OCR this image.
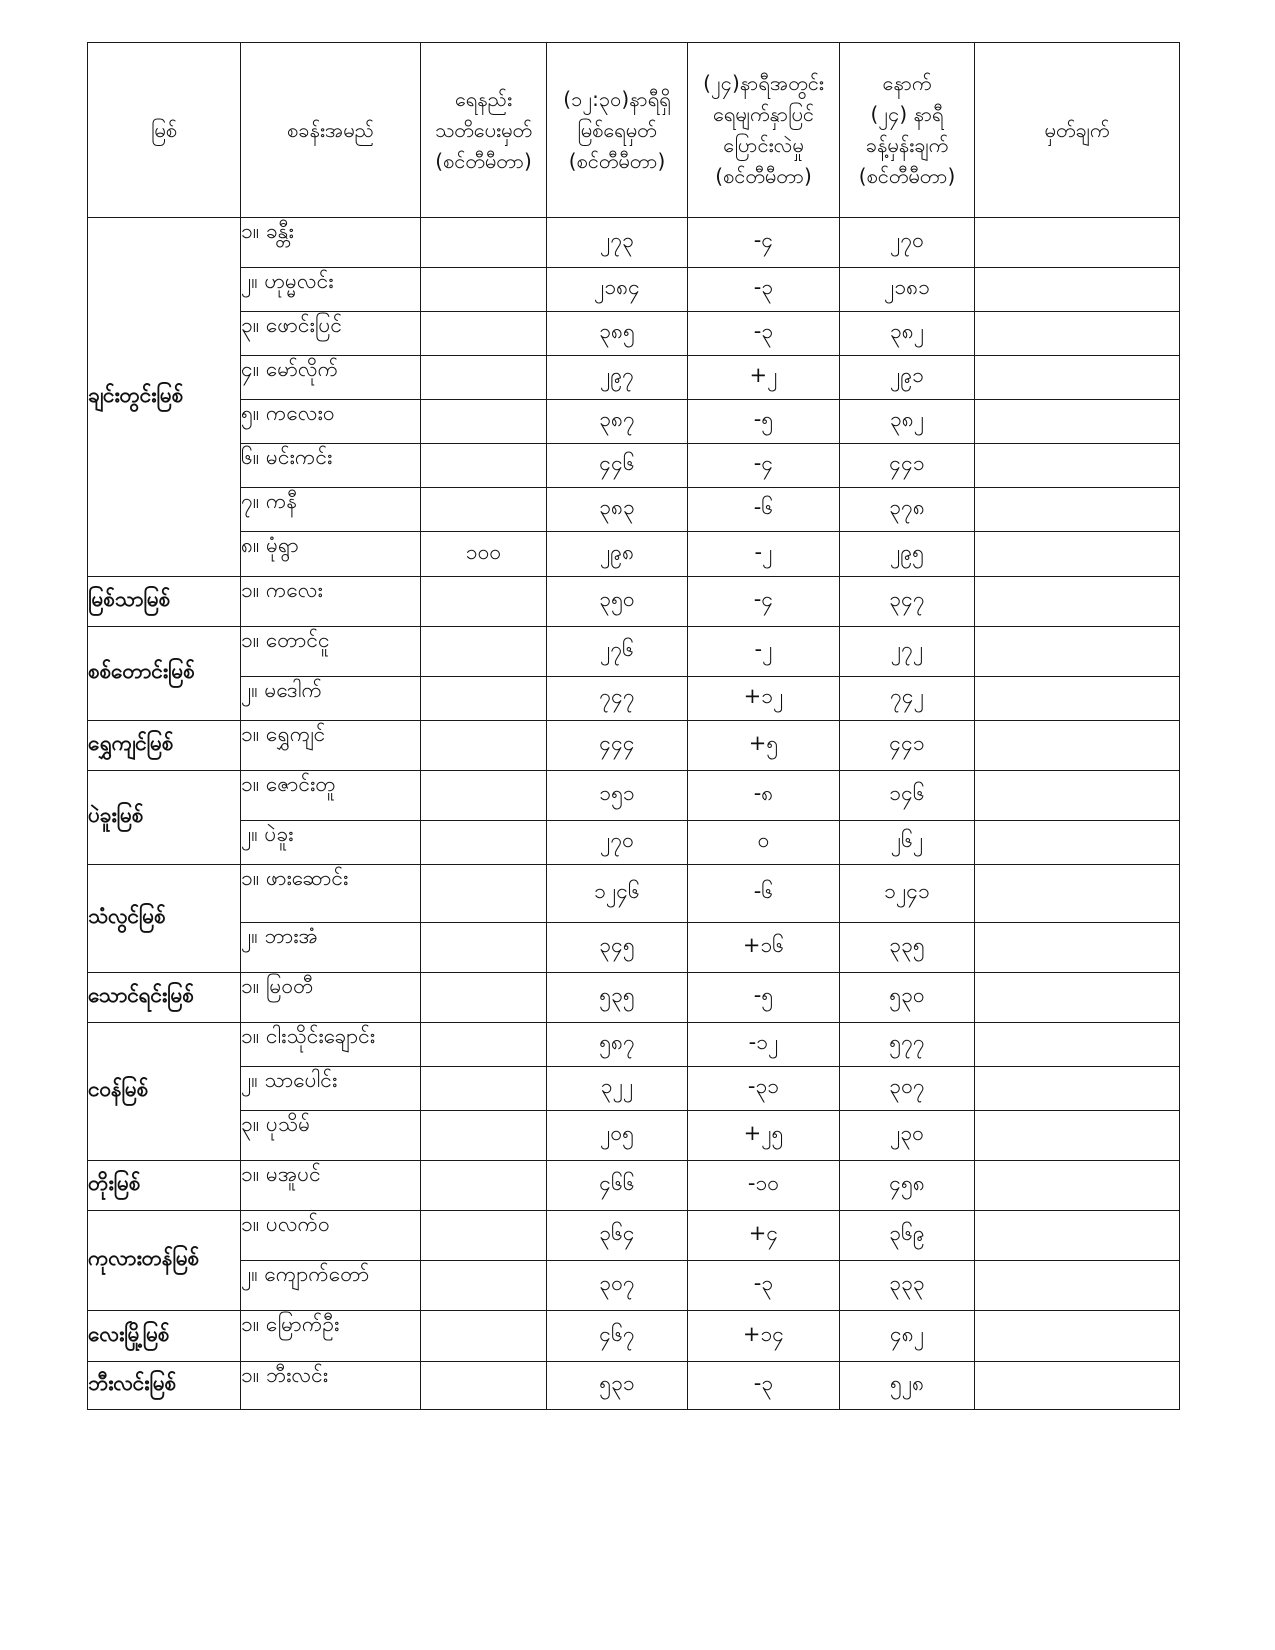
မြစ်	စခန်းအမည်	ရေနည်း
သတိပေးမှတ်
(စင်တီမီတာ)	(၁၂:၃၀)နာရီရှိ
မြစ်ရေမှတ်
(စင်တီမီတာ)	(၂၄)နာရီအတွင်း
ရေမျက်နှာပြင်
ပြောင်းလဲမှု
(စင်တီမီတာ)	နောက်
(၂၄) နာရီ
ခန့်မှန်းချက်
(စင်တီမီတာ)	မှတ်ချက်

ချင်းတွင်းမြစ်	၁။ ခန္တီး		၂၇၃	-၄	၂၇၀	
	၂။ ဟုမ္မလင်း		၂၁၈၄	-၃	၂၁၈၁	
	၃။ ဖောင်းပြင်		၃၈၅	-၃	၃၈၂	
	၄။ မော်လိုက်		၂၉၇	+၂	၂၉၁	
	၅။ ကလေးဝ		၃၈၇	-၅	၃၈၂	
	၆။ မင်းကင်း		၄၄၆	-၄	၄၄၁	
	၇။ ကနီ		၃၈၃	-၆	၃၇၈	
	၈။ မုံရွာ	၁၀၀	၂၉၈	-၂	၂၉၅	
မြစ်သာမြစ်	၁။ ကလေး		၃၅၀	-၄	၃၄၇	
စစ်တောင်းမြစ်	၁။ တောင်ငူ		၂၇၆	-၂	၂၇၂	
	၂။ မဒေါက်		၇၄၇	+၁၂	၇၄၂	
ရွှေကျင်မြစ်	၁။ ရွှေကျင်		၄၄၄	+၅	၄၄၁	
ပဲခူးမြစ်	၁။ ဇောင်းတူ		၁၅၁	-၈	၁၄၆	
	၂။ ပဲခူး		၂၇၀	၀	၂၆၂	
သံလွင်မြစ်	၁။ ဖားဆောင်း		၁၂၄၆	-၆	၁၂၄၁	
	၂။ ဘားအံ		၃၄၅	+၁၆	၃၃၅	
သောင်ရင်းမြစ်	၁။ မြဝတီ		၅၃၅	-၅	၅၃၀	
ငဝန်မြစ်	၁။ ငါးသိုင်းချောင်း		၅၈၇	-၁၂	၅၇၇	
	၂။ သာပေါင်း		၃၂၂	-၃၁	၃၀၇	
	၃။ ပုသိမ်		၂၀၅	+၂၅	၂၃၀	
တိုးမြစ်	၁။ မအူပင်		၄၆၆	-၁၀	၄၅၈	
ကုလားတန်မြစ်	၁။ ပလက်ဝ		၃၆၄	+၄	၃၆၉	
	၂။ ကျောက်တော်		၃၀၇	-၃	၃၃၃	
လေးမြို့မြစ်	၁။ မြောက်ဦး		၄၆၇	+၁၄	၄၈၂	
ဘီးလင်းမြစ်	၁။ ဘီးလင်း		၅၃၁	-၃	၅၂၈	
